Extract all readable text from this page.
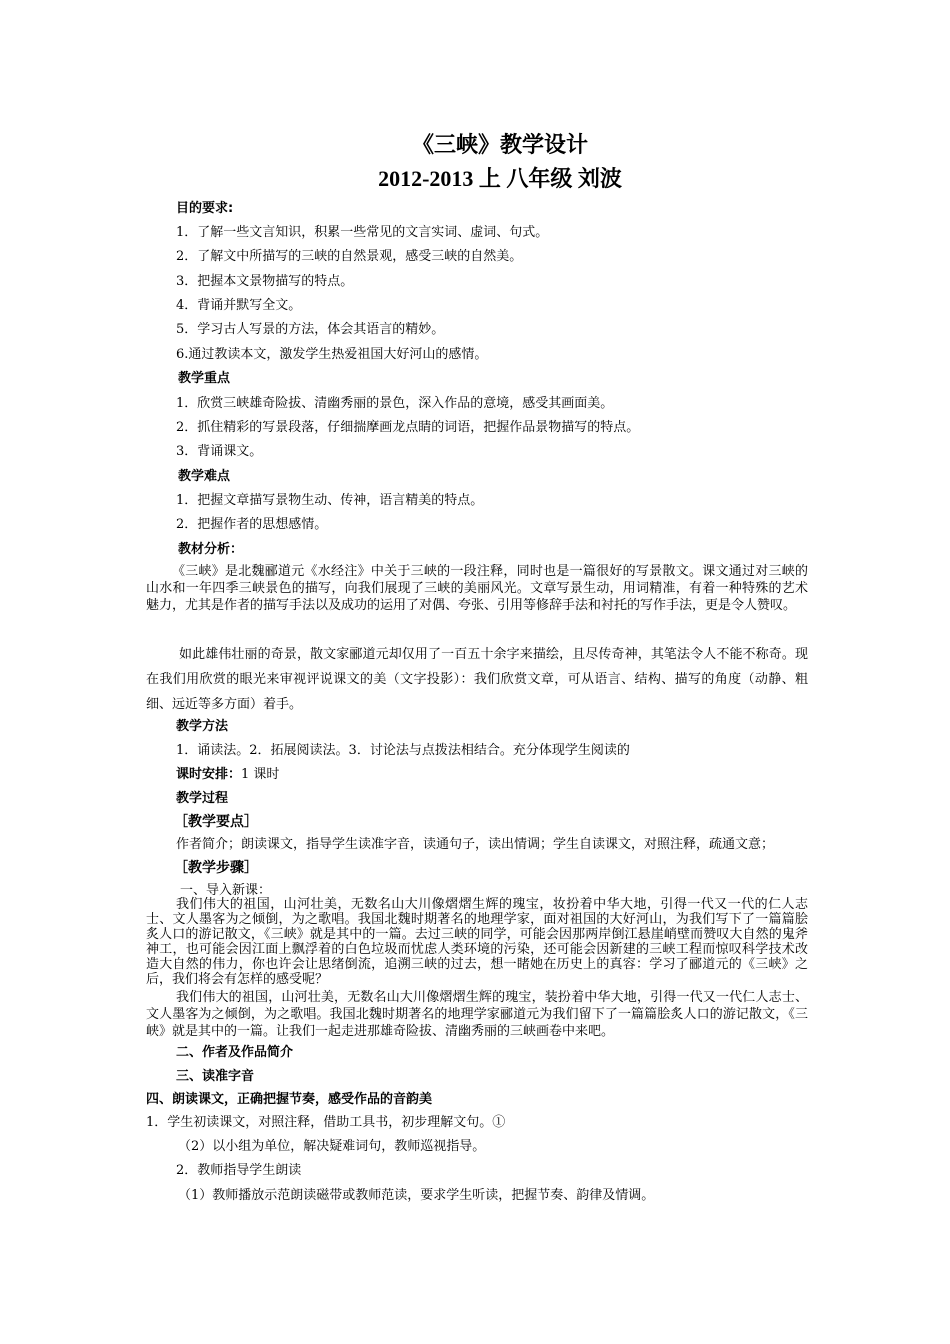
《三峡》教学设计
2012-2013 上 八年级 刘波
目的要求:
1．了解一些文言知识，积累一些常见的文言实词、虚词、句式。
2．了解文中所描写的三峡的自然景观，感受三峡的自然美。
3．把握本文景物描写的特点。
4．背诵并默写全文。
5．学习古人写景的方法，体会其语言的精妙。
6.通过教读本文，激发学生热爱祖国大好河山的感情。
教学重点
1．欣赏三峡雄奇险拔、清幽秀丽的景色，深入作品的意境，感受其画面美。
2．抓住精彩的写景段落，仔细揣摩画龙点睛的词语，把握作品景物描写的特点。
3．背诵课文。
教学难点
1．把握文章描写景物生动、传神，语言精美的特点。
2．把握作者的思想感情。
教材分析：
《三峡》是北魏郦道元《水经注》中关于三峡的一段注释，同时也是一篇很好的写景散文。课文通过对三峡的山水和一年四季三峡景色的描写，向我们展现了三峡的美丽风光。文章写景生动，用词精准，有着一种特殊的艺术魅力，尤其是作者的描写手法以及成功的运用了对偶、夸张、引用等修辞手法和衬托的写作手法，更是令人赞叹。
如此雄伟壮丽的奇景，散文家郦道元却仅用了一百五十余字来描绘，且尽传奇神，其笔法令人不能不称奇。现在我们用欣赏的眼光来审视评说课文的美（文字投影）：我们欣赏文章，可从语言、结构、描写的角度（动静、粗细、远近等多方面）着手。
教学方法
1．诵读法。2．拓展阅读法。3．讨论法与点拨法相结合。充分体现学生阅读的
课时安排：1 课时
教学过程
［教学要点］
作者简介；朗读课文，指导学生读准字音，读通句子，读出情调；学生自读课文，对照注释，疏通文意；
［教学步骤］
一、导入新课：
我们伟大的祖国，山河壮美，无数名山大川像熠熠生辉的瑰宝，妆扮着中华大地，引得一代又一代的仁人志士、文人墨客为之倾倒，为之歌唱。我国北魏时期著名的地理学家，面对祖国的大好河山，为我们写下了一篇篇脍炙人口的游记散文，《三峡》就是其中的一篇。去过三峡的同学，可能会因那两岸倒江悬崖峭壁而赞叹大自然的鬼斧神工，也可能会因江面上飘浮着的白色垃圾而忧虑人类环境的污染，还可能会因新建的三峡工程而惊叹科学技术改造大自然的伟力，你也许会让思绪倒流，追溯三峡的过去，想一睹她在历史上的真容：学习了郦道元的《三峡》之后，我们将会有怎样的感受呢？
我们伟大的祖国，山河壮美，无数名山大川像熠熠生辉的瑰宝，装扮着中华大地，引得一代又一代仁人志士、文人墨客为之倾倒，为之歌唱。我国北魏时期著名的地理学家郦道元为我们留下了一篇篇脍炙人口的游记散文，《三峡》就是其中的一篇。让我们一起走进那雄奇险拔、清幽秀丽的三峡画卷中来吧。
二、作者及作品简介
三、读准字音
四、朗读课文，正确把握节奏，感受作品的音韵美
1．学生初读课文，对照注释，借助工具书，初步理解文句。①
（2）以小组为单位，解决疑难词句，教师巡视指导。
2．教师指导学生朗读
（1）教师播放示范朗读磁带或教师范读，要求学生听读，把握节奏、韵律及情调。
